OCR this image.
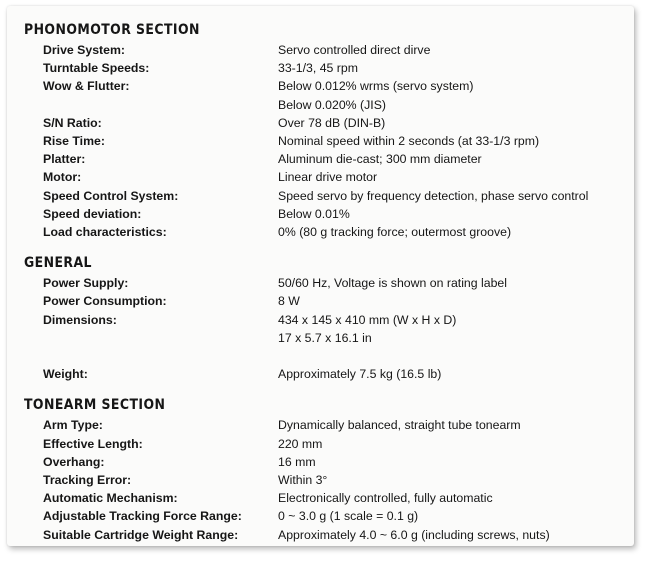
PHONOMOTOR SECTION
Drive System:	Servo controlled direct dirve
Turntable Speeds:	33-1/3, 45 rpm
Wow & Flutter:	Below 0.012% wrms (servo system)
Below 0.020% (JIS)
S/N Ratio:	Over 78 dB (DIN-B)
Rise Time:	Nominal speed within 2 seconds (at 33-1/3 rpm)
Platter:	Aluminum die-cast; 300 mm diameter
Motor:	Linear drive motor
Speed Control System:	Speed servo by frequency detection, phase servo control
Speed deviation:	Below 0.01%
Load characteristics:	0% (80 g tracking force; outermost groove)
GENERAL
Power Supply:	50/60 Hz, Voltage is shown on rating label
Power Consumption:	8 W
Dimensions:	434 x 145 x 410 mm (W x H x D)
17 x 5.7 x 16.1 in

Weight:	Approximately 7.5 kg (16.5 lb)
TONEARM SECTION
Arm Type:	Dynamically balanced, straight tube tonearm
Effective Length:	220 mm
Overhang:	16 mm
Tracking Error:	Within 3°
Automatic Mechanism:	Electronically controlled, fully automatic
Adjustable Tracking Force Range:	0 ~ 3.0 g (1 scale = 0.1 g)
Suitable Cartridge Weight Range:	Approximately 4.0 ~ 6.0 g (including screws, nuts)
